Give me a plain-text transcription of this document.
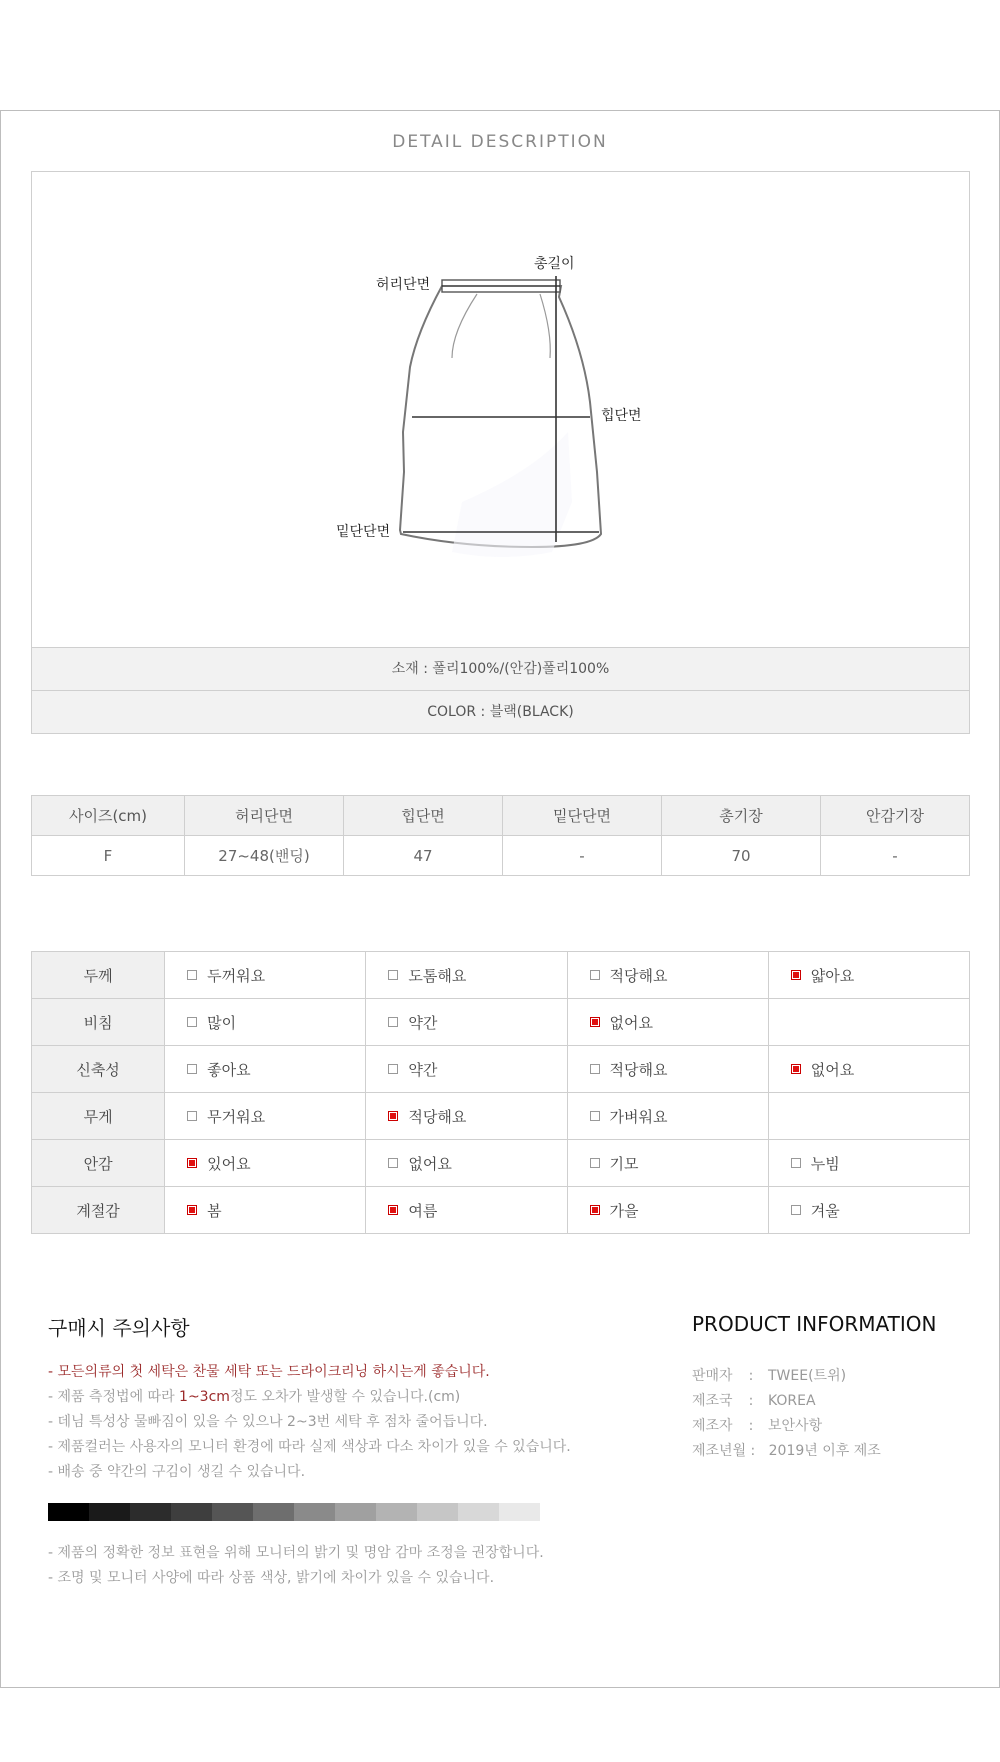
DETAIL DESCRIPTION
총길이
허리단면
힙단면
밑단단면
소재 : 폴리100%/(안감)폴리100%
COLOR : 블랙(BLACK)
사이즈(cm)	허리단면	힙단면	밑단단면	총기장	안감기장
F	27~48(밴딩)	47	-	70	-
두께	두꺼워요	도톰해요	적당해요	얇아요
비침	많이	약간	없어요	
신축성	좋아요	약간	적당해요	없어요
무게	무거워요	적당해요	가벼워요	
안감	있어요	없어요	기모	누빔
계절감	봄	여름	가을	겨울
구매시 주의사항
- 모든의류의 첫 세탁은 찬물 세탁 또는 드라이크리닝 하시는게 좋습니다.
- 제품 측정법에 따라 1~3cm정도 오차가 발생할 수 있습니다.(cm)
- 데님 특성상 물빠짐이 있을 수 있으나 2~3번 세탁 후 점차 줄어듭니다.
- 제품컬러는 사용자의 모니터 환경에 따라 실제 색상과 다소 차이가 있을 수 있습니다.
- 배송 중 약간의 구김이 생길 수 있습니다.
- 제품의 정확한 정보 표현을 위해 모니터의 밝기 및 명암 감마 조정을 권장합니다.
- 조명 및 모니터 사양에 따라 상품 색상, 밝기에 차이가 있을 수 있습니다.
PRODUCT INFORMATION
판매자 : TWEE(트위)
제조국 : KOREA
제조자 : 보안사항
제조년월 : 2019년 이후 제조
